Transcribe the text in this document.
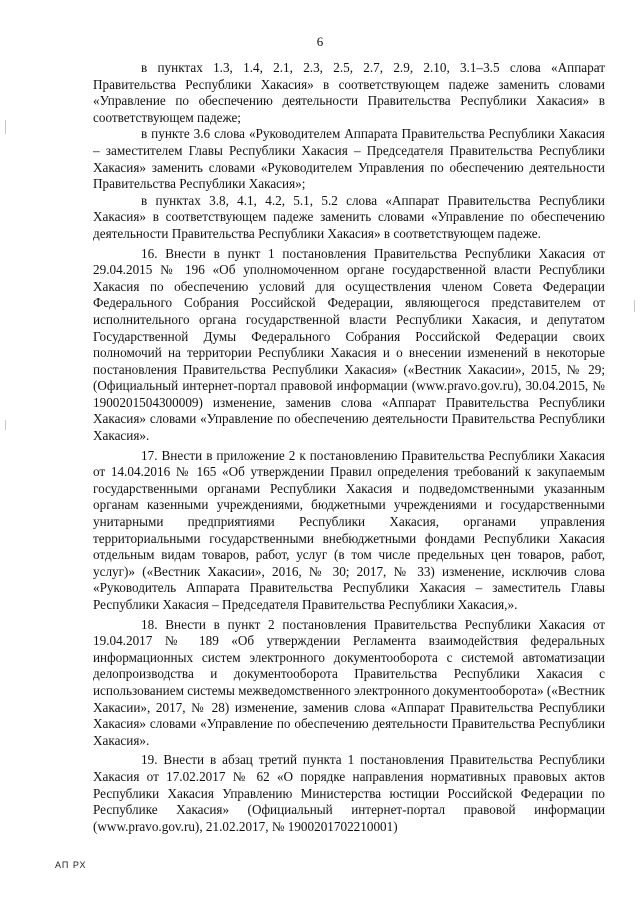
6

в пунктах 1.3, 1.4, 2.1, 2.3, 2.5, 2.7, 2.9, 2.10, 3.1–3.5 слова «Аппарат Правительства Республики Хакасия» в соответствующем падеже заменить словами «Управление по обеспечению деятельности Правительства Республики Хакасия» в соответствующем падеже;

в пункте 3.6 слова «Руководителем Аппарата Правительства Республики Хакасия – заместителем Главы Республики Хакасия – Председателя Правительства Республики Хакасия» заменить словами «Руководителем Управления по обеспечению деятельности Правительства Республики Хакасия»;

в пунктах 3.8, 4.1, 4.2, 5.1, 5.2 слова «Аппарат Правительства Республики Хакасия» в соответствующем падеже заменить словами «Управление по обеспечению деятельности Правительства Республики Хакасия» в соответствующем падеже.

16. Внести в пункт 1 постановления Правительства Республики Хакасия от 29.04.2015 № 196 «Об уполномоченном органе государственной власти Республики Хакасия по обеспечению условий для осуществления членом Совета Федерации Федерального Собрания Российской Федерации, являющегося представителем от исполнительного органа государственной власти Республики Хакасия, и депутатом Государственной Думы Федерального Собрания Российской Федерации своих полномочий на территории Республики Хакасия и о внесении изменений в некоторые постановления Правительства Республики Хакасия» («Вестник Хакасии», 2015, № 29; (Официальный интернет-портал правовой информации (www.pravo.gov.ru), 30.04.2015, № 1900201504300009) изменение, заменив слова «Аппарат Правительства Республики Хакасия» словами «Управление по обеспечению деятельности Правительства Республики Хакасия».

17. Внести в приложение 2 к постановлению Правительства Республики Хакасия от 14.04.2016 № 165 «Об утверждении Правил определения требований к закупаемым государственными органами Республики Хакасия и подведомственными указанным органам казенными учреждениями, бюджетными учреждениями и государственными унитарными предприятиями Республики Хакасия, органами управления территориальными государственными внебюджетными фондами Республики Хакасия отдельным видам товаров, работ, услуг (в том числе предельных цен товаров, работ, услуг)» («Вестник Хакасии», 2016, № 30; 2017, № 33) изменение, исключив слова «Руководитель Аппарата Правительства Республики Хакасия – заместитель Главы Республики Хакасия – Председателя Правительства Республики Хакасия,».

18. Внести в пункт 2 постановления Правительства Республики Хакасия от 19.04.2017 № 189 «Об утверждении Регламента взаимодействия федеральных информационных систем электронного документооборота с системой автоматизации делопроизводства и документооборота Правительства Республики Хакасия с использованием системы межведомственного электронного документооборота» («Вестник Хакасии», 2017, № 28) изменение, заменив слова «Аппарат Правительства Республики Хакасия» словами «Управление по обеспечению деятельности Правительства Республики Хакасия».

19. Внести в абзац третий пункта 1 постановления Правительства Республики Хакасия от 17.02.2017 № 62 «О порядке направления нормативных правовых актов Республики Хакасия Управлению Министерства юстиции Российской Федерации по Республике Хакасия» (Официальный интернет-портал правовой информации (www.pravo.gov.ru), 21.02.2017, № 1900201702210001)

АП РХ
